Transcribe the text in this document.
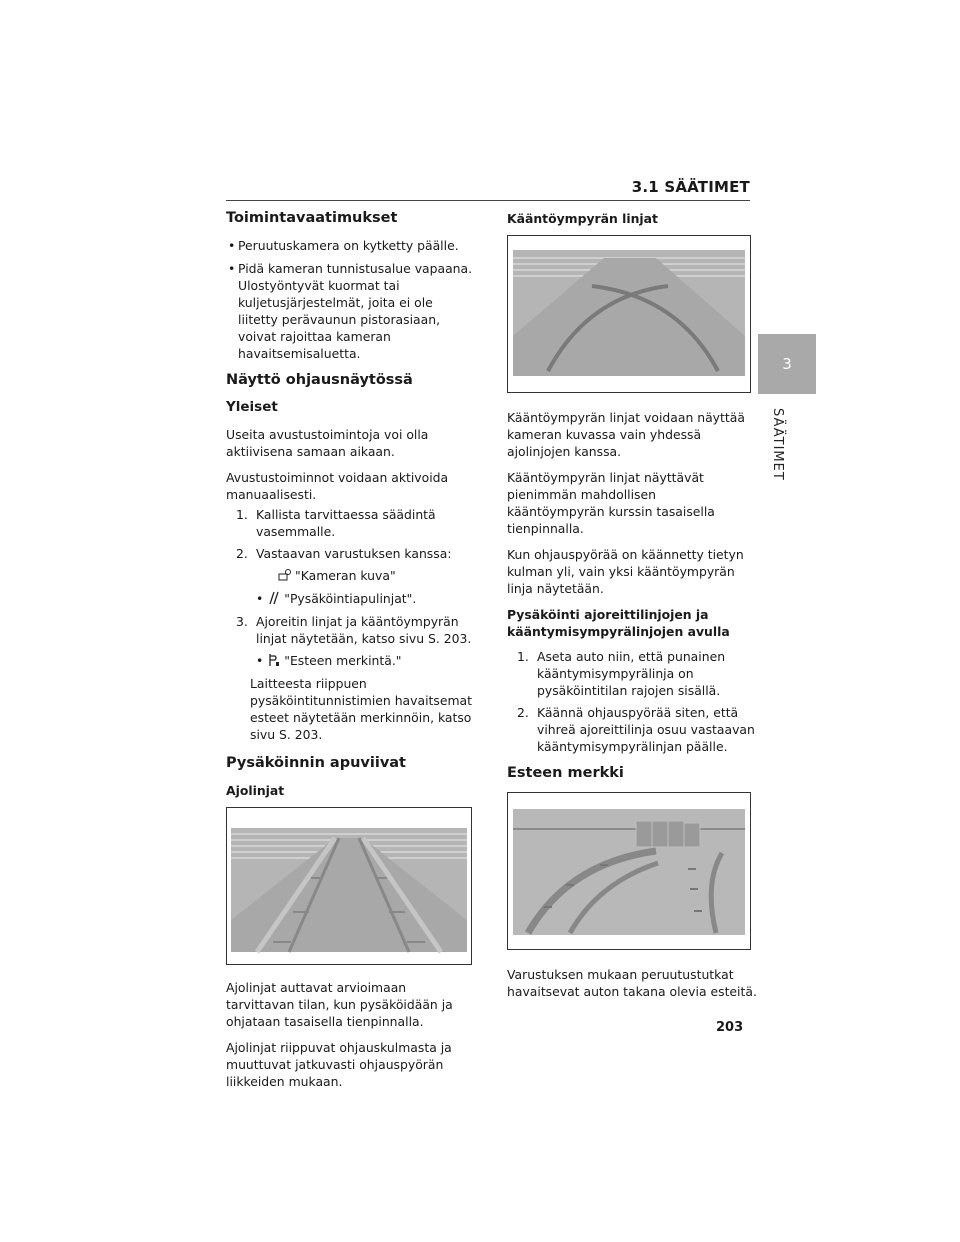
3.1 SÄÄTIMET
3
SÄÄTIMET
Toimintavaatimukset
• Peruutuskamera on kytketty päälle.
• Pidä kameran tunnistusalue vapaana. Ulostyöntyvät kuormat tai kuljetusjärjestelmät, joita ei ole liitetty perävaunun pistorasiaan, voivat rajoittaa kameran havaitsemisaluetta.
Näyttö ohjausnäytössä
Yleiset

Useita avustustoimintoja voi olla aktiivisena samaan aikaan.

Avustustoiminnot voidaan aktivoida manuaalisesti.

1. Kallista tarvittaessa säädintä vasemmalle.
2. Vastaavan varustuksen kanssa:
"Kameran kuva"
• "Pysäköintiapulinjat".
3. Ajoreitin linjat ja kääntöympyrän linjat näytetään, katso sivu S. 203.
• "Esteen merkintä."
Laitteesta riippuen pysäköintitunnistimien havaitsemat esteet näytetään merkinnöin, katso sivu S. 203.
Pysäköinnin apuviivat
Ajolinjat

Ajolinjat auttavat arvioimaan tarvittavan tilan, kun pysäköidään ja ohjataan tasaisella tienpinnalla.

Ajolinjat riippuvat ohjauskulmasta ja muuttuvat jatkuvasti ohjauspyörän liikkeiden mukaan.

Kääntöympyrän linjat

Kääntöympyrän linjat voidaan näyttää kameran kuvassa vain yhdessä ajolinjojen kanssa.

Kääntöympyrän linjat näyttävät pienimmän mahdollisen kääntöympyrän kurssin tasaisella tienpinnalla.

Kun ohjauspyörää on käännetty tietyn kulman yli, vain yksi kääntöympyrän linja näytetään.

Pysäköinti ajoreittilinjojen ja kääntymisympyrälinjojen avulla
1. Aseta auto niin, että punainen kääntymisympyrälinja on pysäköintitilan rajojen sisällä.
2. Käännä ohjauspyörää siten, että vihreä ajoreittilinja osuu vastaavan kääntymisympyrälinjan päälle.
Esteen merkki

Varustuksen mukaan peruutustutkat havaitsevat auton takana olevia esteitä.

203
